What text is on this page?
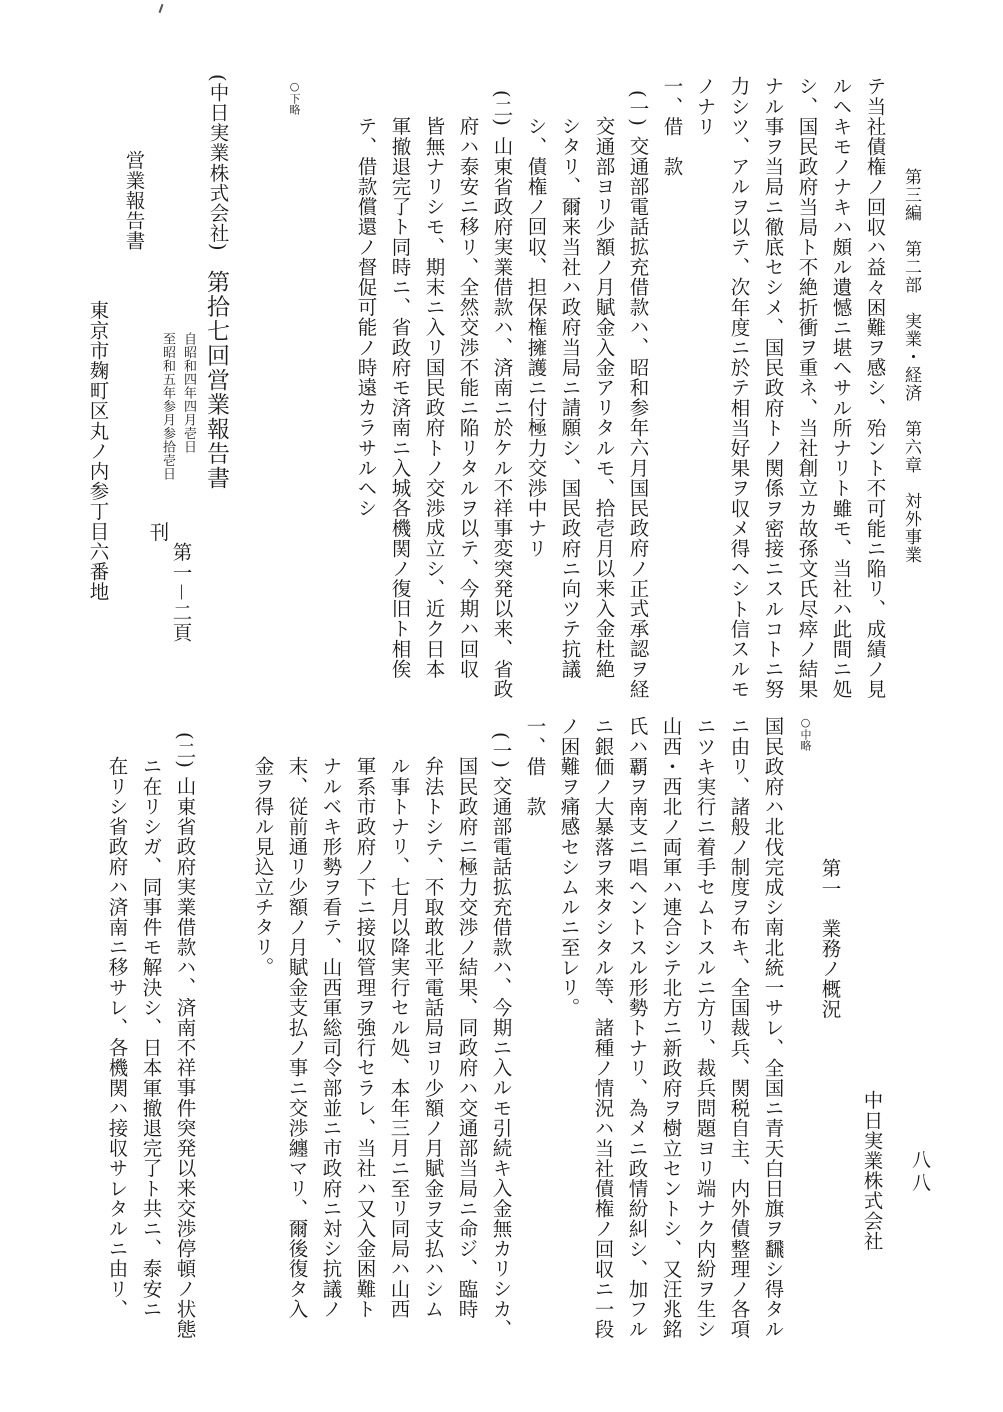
第三編　第二部　実業・経済　第六章　対外事業
テ当社債権ノ回収ハ益々困難ヲ感シ、殆ント不可能ニ陥リ、成績ノ見
ルヘキモノナキハ頗ル遺憾ニ堪ヘサル所ナリト雖モ、当社ハ此間ニ処
シ、国民政府当局ト不絶折衝ヲ重ネ、当社創立カ故孫文氏尽瘁ノ結果
ナル事ヲ当局ニ徹底セシメ、国民政府トノ関係ヲ密接ニスルコトニ努
力シツ、アルヲ以テ、次年度ニ於テ相当好果ヲ収メ得ヘシト信スルモ
ノナリ
一、借　款
(一)
交通部電話拡充借款ハ、昭和参年六月国民政府ノ正式承認ヲ経
交通部ヨリ少額ノ月賦金入金アリタルモ、拾壱月以来入金杜絶
シタリ、爾来当社ハ政府当局ニ請願シ、国民政府ニ向ツテ抗議
シ、債権ノ回収、担保権擁護ニ付極力交渉中ナリ
(二)
山東省政府実業借款ハ、済南ニ於ケル不祥事変突発以来、省政
府ハ泰安ニ移リ、全然交渉不能ニ陥リタルヲ以テ、今期ハ回収
皆無ナリシモ、期末ニ入リ国民政府トノ交渉成立シ、近ク日本
軍撤退完了ト同時ニ、省政府モ済南ニ入城各機関ノ復旧ト相俟
テ、借款償還ノ督促可能ノ時遠カラサルヘシ
○下略
(中日実業株式会社)
第拾七回営業報告書
自昭和四年四月壱日
至昭和五年参月参拾壱日
第一－二頁
刊
営業報告書
東京市麹町区丸ノ内参丁目六番地
八八
中日実業株式会社
第一　業務ノ概況
○中略
国民政府ハ北伐完成シ南北統一サレ、全国ニ青天白日旗ヲ飜シ得タル
ニ由リ、諸般ノ制度ヲ布キ、全国裁兵、関税自主、内外債整理ノ各項
ニツキ実行ニ着手セムトスルニ方リ、裁兵問題ヨリ端ナク内紛ヲ生シ
山西・西北ノ両軍ハ連合シテ北方ニ新政府ヲ樹立セントシ、又汪兆銘
氏ハ覇ヲ南支ニ唱ヘントスル形勢トナリ、為メニ政情紛糾シ、加フル
ニ銀価ノ大暴落ヲ来タシタル等、諸種ノ情況ハ当社債権ノ回収ニ一段
ノ困難ヲ痛感セシムルニ至レリ。
一、借　款
(一)
交通部電話拡充借款ハ、今期ニ入ルモ引続キ入金無カリシカ、
国民政府ニ極力交渉ノ結果、同政府ハ交通部当局ニ命ジ、臨時
弁法トシテ、不取敢北平電話局ヨリ少額ノ月賦金ヲ支払ハシム
ル事トナリ、七月以降実行セル処、本年三月ニ至リ同局ハ山西
軍系市政府ノ下ニ接収管理ヲ強行セラレ、当社ハ又入金困難ト
ナルベキ形勢ヲ看テ、山西軍総司令部並ニ市政府ニ対シ抗議ノ
末、従前通リ少額ノ月賦金支払ノ事ニ交渉纏マリ、爾後復タ入
金ヲ得ル見込立チタリ。
(二)
山東省政府実業借款ハ、済南不祥事件突発以来交渉停頓ノ状態
ニ在リシガ、同事件モ解決シ、日本軍撤退完了ト共ニ、泰安ニ
在リシ省政府ハ済南ニ移サレ、各機関ハ接収サレタルニ由リ、
